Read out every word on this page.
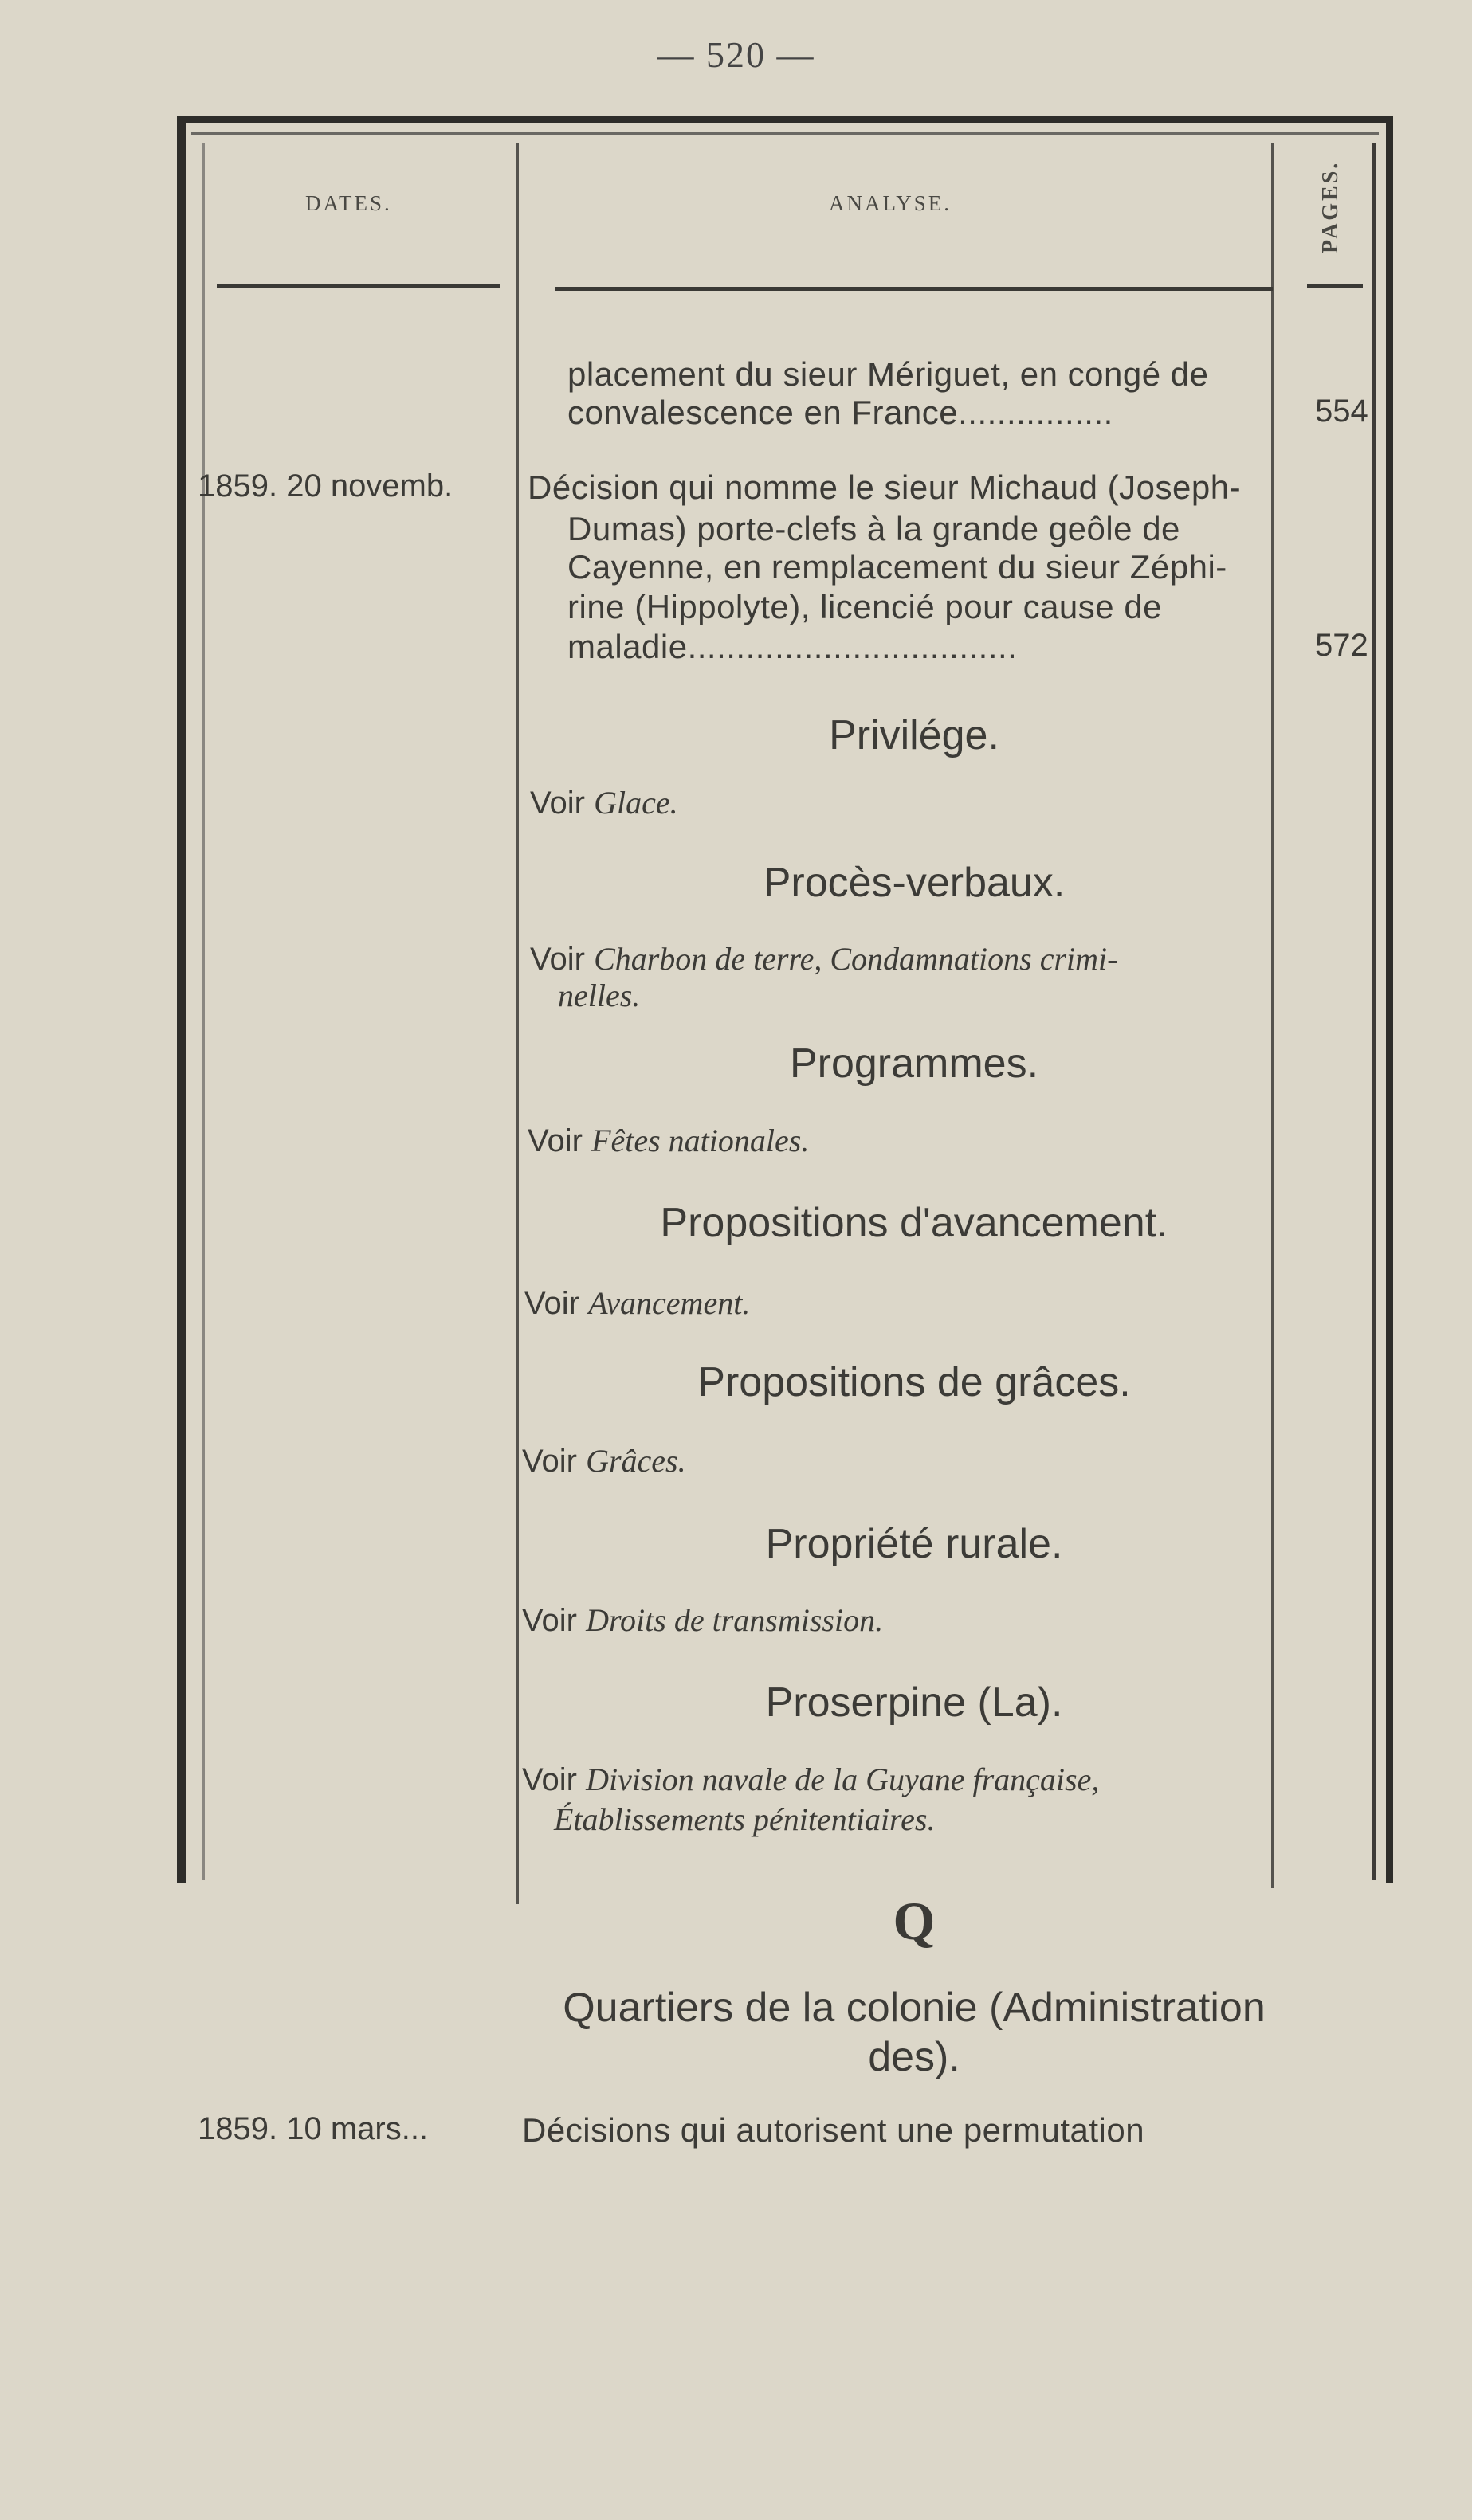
— 520 —
DATES.	ANALYSE.	PAGES.
placement du sieur Mériguet, en congé de
convalescence en France................	554
1859. 20 novemb. Décision qui nomme le sieur Michaud (Joseph-
Dumas) porte-clefs à la grande geôle de
Cayenne, en remplacement du sieur Zéphi-
rine (Hippolyte), licencié pour cause de
maladie..................................	572
Privilége.
Voir Glace.
Procès-verbaux.
Voir Charbon de terre, Condamnations crimi-
nelles.
Programmes.
Voir Fêtes nationales.
Propositions d'avancement.
Voir Avancement.
Propositions de grâces.
Voir Grâces.
Propriété rurale.
Voir Droits de transmission.
Proserpine (La).
Voir Division navale de la Guyane française,
Établissements pénitentiaires.
Q
Quartiers de la colonie (Administration
des).
1859. 10 mars...	Décisions qui autorisent une permutation
